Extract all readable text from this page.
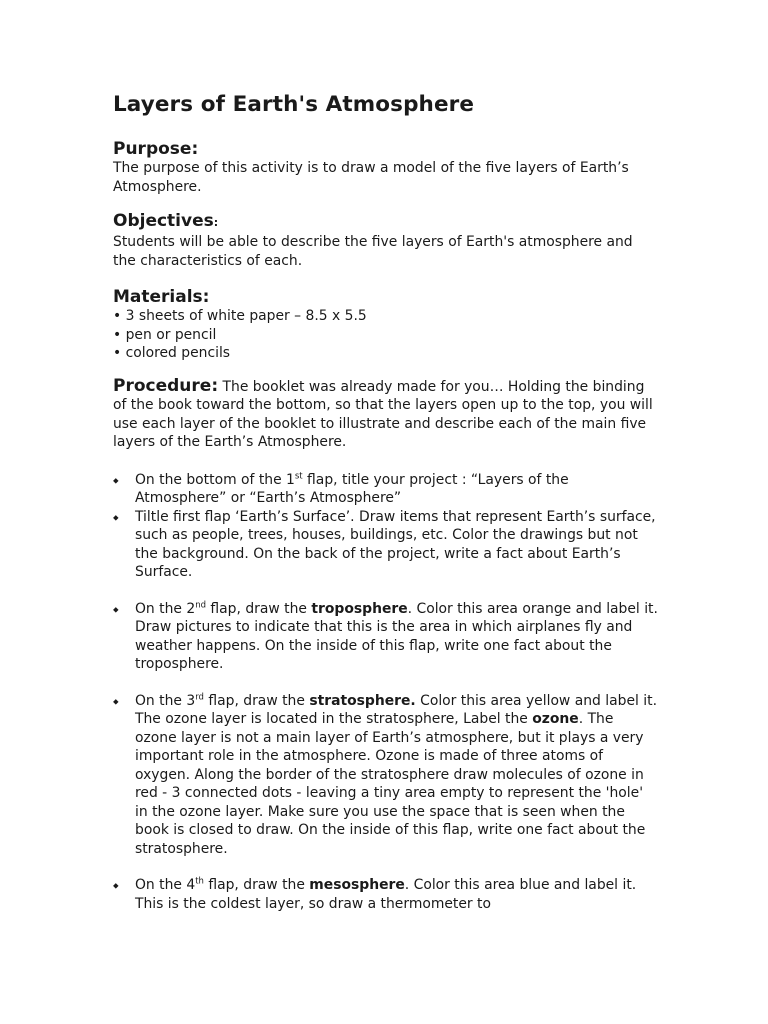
Layers of Earth's Atmosphere
Purpose:

The purpose of this activity is to draw a model of the five layers of Earth’s Atmosphere.

Objectives:

Students will be able to describe the five layers of Earth's atmosphere and the characteristics of each.

Materials:
• 3 sheets of white paper – 8.5 x 5.5
• pen or pencil
• colored pencils

Procedure: The booklet was already made for you… Holding the binding of the book toward the bottom, so that the layers open up to the top, you will use each layer of the booklet to illustrate and describe each of the main five layers of the Earth’s Atmosphere.

⬥ On the bottom of the 1st flap, title your project : “Layers of the Atmosphere” or “Earth’s Atmosphere”
⬥ Tiltle first flap ‘Earth’s Surface’. Draw items that represent Earth’s surface, such as people, trees, houses, buildings, etc. Color the drawings but not the background. On the back of the project, write a fact about Earth’s Surface.
⬥ On the 2nd flap, draw the troposphere. Color this area orange and label it. Draw pictures to indicate that this is the area in which airplanes fly and weather happens. On the inside of this flap, write one fact about the troposphere.
⬥ On the 3rd flap, draw the stratosphere. Color this area yellow and label it. The ozone layer is located in the stratosphere, Label the ozone. The ozone layer is not a main layer of Earth’s atmosphere, but it plays a very important role in the atmosphere. Ozone is made of three atoms of oxygen. Along the border of the stratosphere draw molecules of ozone in red - 3 connected dots - leaving a tiny area empty to represent the 'hole' in the ozone layer. Make sure you use the space that is seen when the book is closed to draw. On the inside of this flap, write one fact about the stratosphere.
⬥ On the 4th flap, draw the mesosphere. Color this area blue and label it. This is the coldest layer, so draw a thermometer to
